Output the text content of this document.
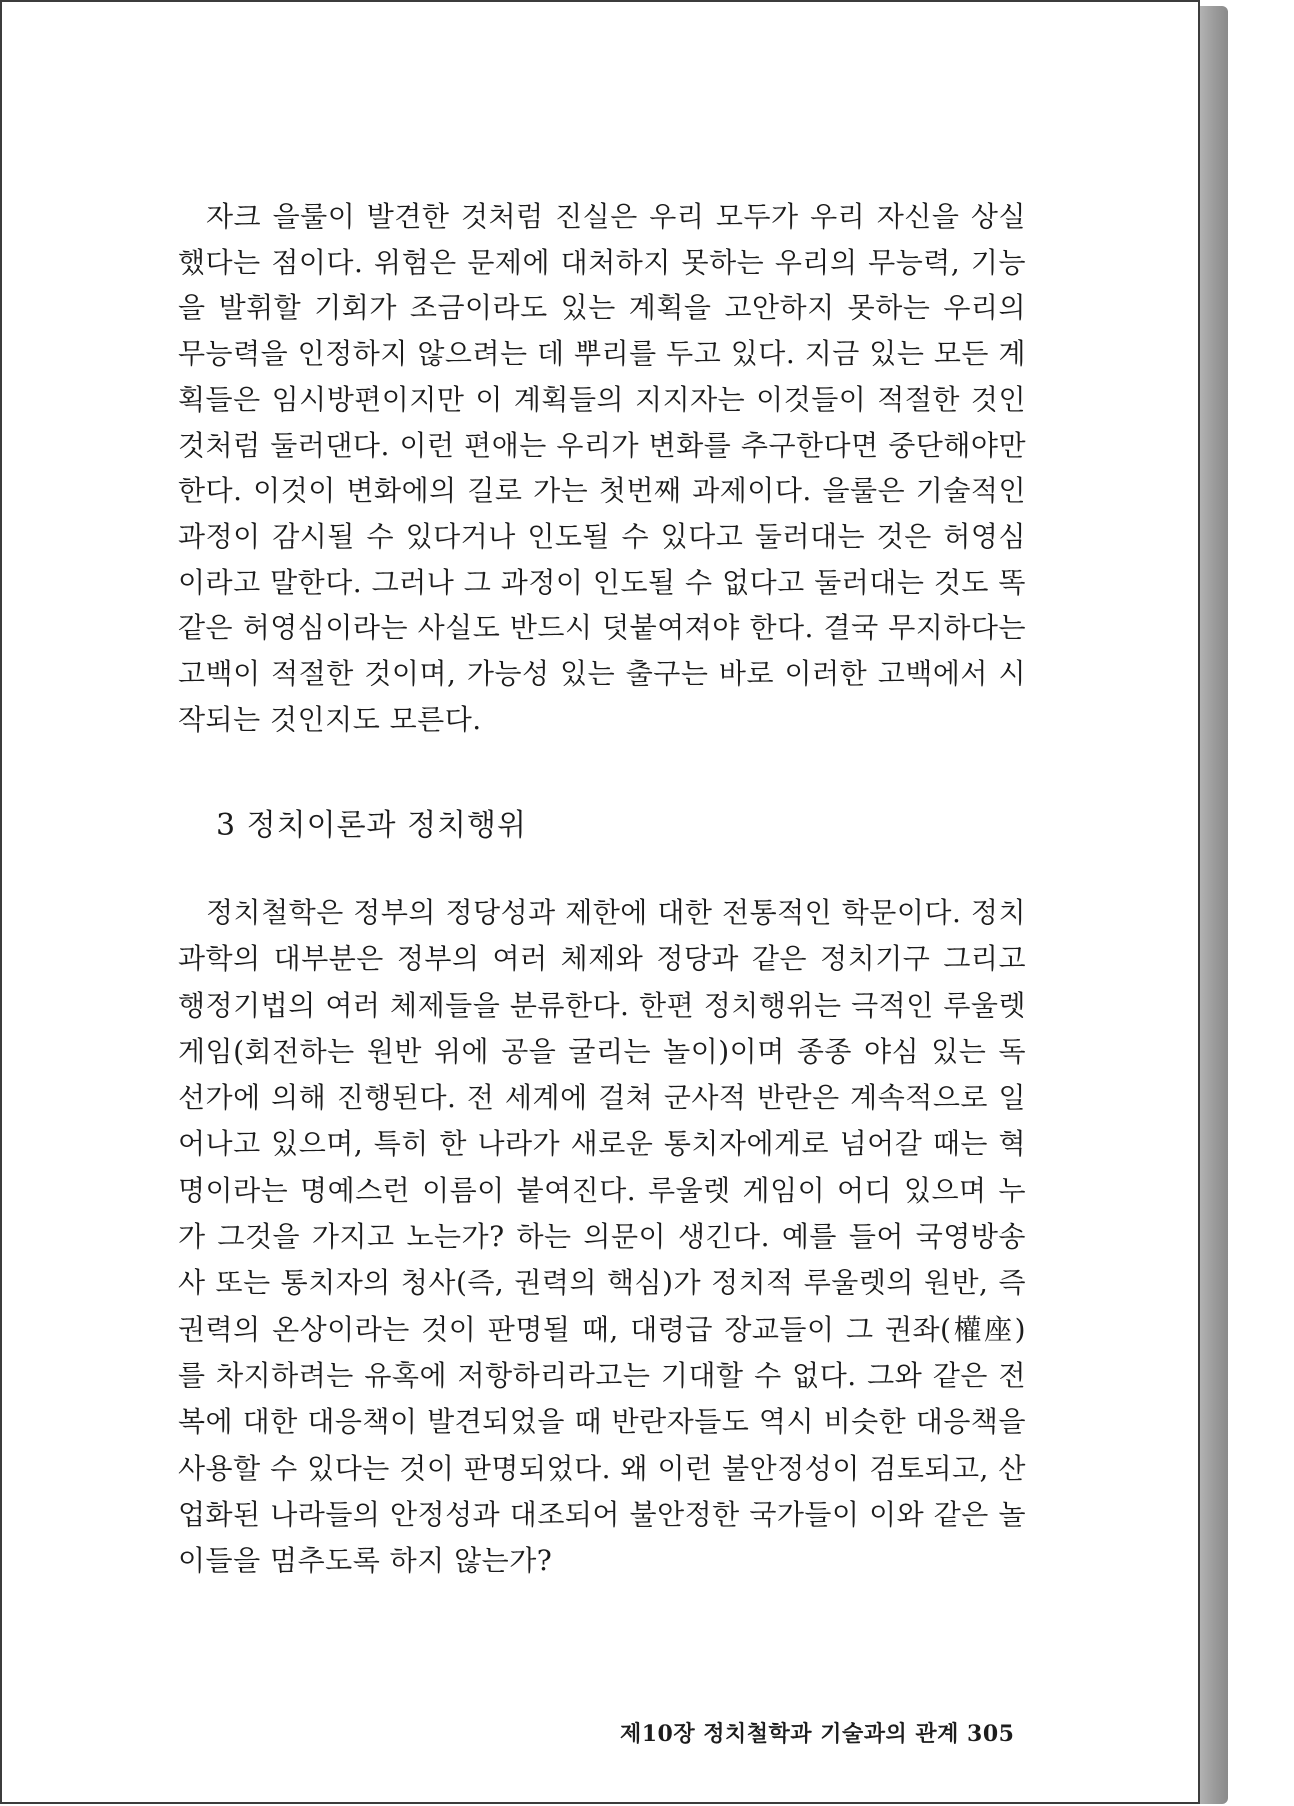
자크 을룰이 발견한 것처럼 진실은 우리 모두가 우리 자신을 상실했다는 점이다. 위험은 문제에 대처하지 못하는 우리의 무능력, 기능을 발휘할 기회가 조금이라도 있는 계획을 고안하지 못하는 우리의 무능력을 인정하지 않으려는 데 뿌리를 두고 있다. 지금 있는 모든 계획들은 임시방편이지만 이 계획들의 지지자는 이것들이 적절한 것인 것처럼 둘러댄다. 이런 편애는 우리가 변화를 추구한다면 중단해야만 한다. 이것이 변화에의 길로 가는 첫번째 과제이다. 을룰은 기술적인 과정이 감시될 수 있다거나 인도될 수 있다고 둘러대는 것은 허영심이라고 말한다. 그러나 그 과정이 인도될 수 없다고 둘러대는 것도 똑같은 허영심이라는 사실도 반드시 덧붙여져야 한다. 결국 무지하다는 고백이 적절한 것이며, 가능성 있는 출구는 바로 이러한 고백에서 시작되는 것인지도 모른다.

3 정치이론과 정치행위

정치철학은 정부의 정당성과 제한에 대한 전통적인 학문이다. 정치과학의 대부분은 정부의 여러 체제와 정당과 같은 정치기구 그리고 행정기법의 여러 체제들을 분류한다. 한편 정치행위는 극적인 루울렛 게임(회전하는 원반 위에 공을 굴리는 놀이)이며 종종 야심 있는 독선가에 의해 진행된다. 전 세계에 걸쳐 군사적 반란은 계속적으로 일어나고 있으며, 특히 한 나라가 새로운 통치자에게로 넘어갈 때는 혁명이라는 명예스런 이름이 붙여진다. 루울렛 게임이 어디 있으며 누가 그것을 가지고 노는가? 하는 의문이 생긴다. 예를 들어 국영방송사 또는 통치자의 청사(즉, 권력의 핵심)가 정치적 루울렛의 원반, 즉 권력의 온상이라는 것이 판명될 때, 대령급 장교들이 그 권좌(權座)를 차지하려는 유혹에 저항하리라고는 기대할 수 없다. 그와 같은 전복에 대한 대응책이 발견되었을 때 반란자들도 역시 비슷한 대응책을 사용할 수 있다는 것이 판명되었다. 왜 이런 불안정성이 검토되고, 산업화된 나라들의 안정성과 대조되어 불안정한 국가들이 이와 같은 놀이들을 멈추도록 하지 않는가?

제10장 정치철학과 기술과의 관계 305
